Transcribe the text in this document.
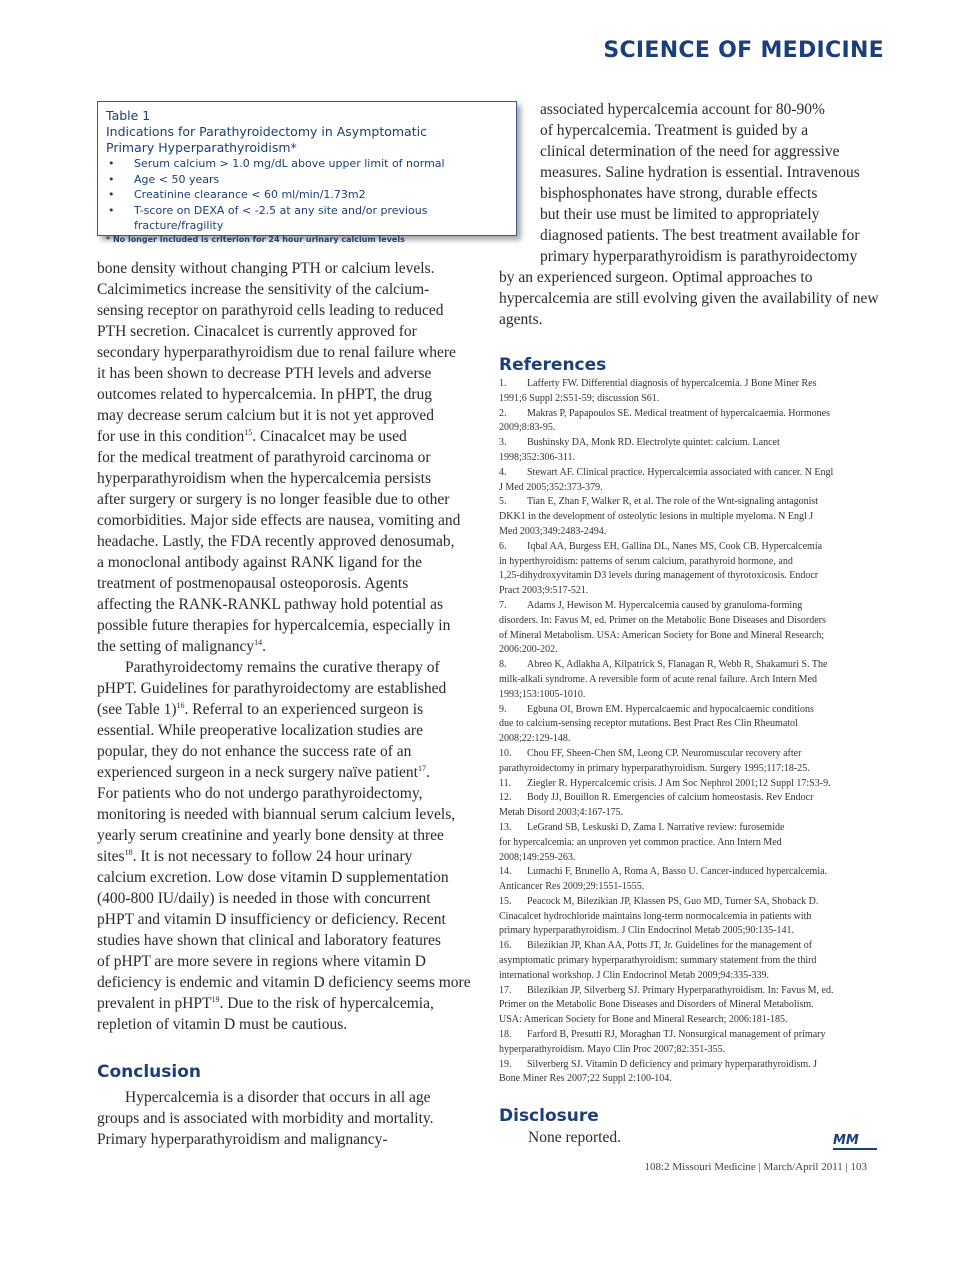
SCIENCE OF MEDICINE
Table 1
Indications for Parathyroidectomy in Asymptomatic
Primary Hyperparathyroidism*
• Serum calcium > 1.0 mg/dL above upper limit of normal
• Age < 50 years
• Creatinine clearance < 60 ml/min/1.73m2
• T-score on DEXA of < -2.5 at any site and/or previous fracture/fragility
* No longer included is criterion for 24 hour urinary calcium levels

bone density without changing PTH or calcium levels.
Calcimimetics increase the sensitivity of the calcium-
sensing receptor on parathyroid cells leading to reduced
PTH secretion. Cinacalcet is currently approved for
secondary hyperparathyroidism due to renal failure where
it has been shown to decrease PTH levels and adverse
outcomes related to hypercalcemia. In pHPT, the drug
may decrease serum calcium but it is not yet approved
for use in this condition$^{15}$. Cinacalcet may be used
for the medical treatment of parathyroid carcinoma or
hyperparathyroidism when the hypercalcemia persists
after surgery or surgery is no longer feasible due to other
comorbidities. Major side effects are nausea, vomiting and
headache. Lastly, the FDA recently approved denosumab,
a monoclonal antibody against RANK ligand for the
treatment of postmenopausal osteoporosis. Agents
affecting the RANK-RANKL pathway hold potential as
possible future therapies for hypercalcemia, especially in
the setting of malignancy$^{14}$.

Parathyroidectomy remains the curative therapy of
pHPT. Guidelines for parathyroidectomy are established
(see Table 1)$^{16}$. Referral to an experienced surgeon is
essential. While preoperative localization studies are
popular, they do not enhance the success rate of an
experienced surgeon in a neck surgery naïve patient$^{17}$.
For patients who do not undergo parathyroidectomy,
monitoring is needed with biannual serum calcium levels,
yearly serum creatinine and yearly bone density at three
sites$^{18}$. It is not necessary to follow 24 hour urinary
calcium excretion. Low dose vitamin D supplementation
(400-800 IU/daily) is needed in those with concurrent
pHPT and vitamin D insufficiency or deficiency. Recent
studies have shown that clinical and laboratory features
of pHPT are more severe in regions where vitamin D
deficiency is endemic and vitamin D deficiency seems more
prevalent in pHPT$^{19}$. Due to the risk of hypercalcemia,
repletion of vitamin D must be cautious.

Conclusion

Hypercalcemia is a disorder that occurs in all age
groups and is associated with morbidity and mortality.
Primary hyperparathyroidism and malignancy-

associated hypercalcemia account for 80-90%
of hypercalcemia. Treatment is guided by a
clinical determination of the need for aggressive
measures. Saline hydration is essential. Intravenous
bisphosphonates have strong, durable effects
but their use must be limited to appropriately
diagnosed patients. The best treatment available for
primary hyperparathyroidism is parathyroidectomy
by an experienced surgeon. Optimal approaches to
hypercalcemia are still evolving given the availability of new
agents.

References
1. Lafferty FW. Differential diagnosis of hypercalcemia. J Bone Miner Res
1991;6 Suppl 2:S51-59; discussion S61.
2. Makras P, Papapoulos SE. Medical treatment of hypercalcaemia. Hormones
2009;8:83-95.
3. Bushinsky DA, Monk RD. Electrolyte quintet: calcium. Lancet
1998;352:306-311.
4. Stewart AF. Clinical practice. Hypercalcemia associated with cancer. N Engl
J Med 2005;352:373-379.
5. Tian E, Zhan F, Walker R, et al. The role of the Wnt-signaling antagonist
DKK1 in the development of osteolytic lesions in multiple myeloma. N Engl J
Med 2003;349:2483-2494.
6. Iqbal AA, Burgess EH, Gallina DL, Nanes MS, Cook CB. Hypercalcemia
in hyperthyroidism: patterns of serum calcium, parathyroid hormone, and
1,25-dihydroxyvitamin D3 levels during management of thyrotoxicosis. Endocr
Pract 2003;9:517-521.
7. Adams J, Hewison M. Hypercalcemia caused by granuloma-forming
disorders. In: Favus M, ed. Primer on the Metabolic Bone Diseases and Disorders
of Mineral Metabolism. USA: American Society for Bone and Mineral Research;
2006:200-202.
8. Abreo K, Adlakha A, Kilpatrick S, Flanagan R, Webb R, Shakamuri S. The
milk-alkali syndrome. A reversible form of acute renal failure. Arch Intern Med
1993;153:1005-1010.
9. Egbuna OI, Brown EM. Hypercalcaemic and hypocalcaemic conditions
due to calcium-sensing receptor mutations. Best Pract Res Clin Rheumatol
2008;22:129-148.
10. Chou FF, Sheen-Chen SM, Leong CP. Neuromuscular recovery after
parathyroidectomy in primary hyperparathyroidism. Surgery 1995;117:18-25.
11. Ziegler R. Hypercalcemic crisis. J Am Soc Nephrol 2001;12 Suppl 17:S3-9.
12. Body JJ, Bouillon R. Emergencies of calcium homeostasis. Rev Endocr
Metab Disord 2003;4:167-175.
13. LeGrand SB, Leskuski D, Zama I. Narrative review: furosemide
for hypercalcemia: an unproven yet common practice. Ann Intern Med
2008;149:259-263.
14. Lumachi F, Brunello A, Roma A, Basso U. Cancer-induced hypercalcemia.
Anticancer Res 2009;29:1551-1555.
15. Peacock M, Bilezikian JP, Klassen PS, Guo MD, Turner SA, Shoback D.
Cinacalcet hydrochloride maintains long-term normocalcemia in patients with
primary hyperparathyroidism. J Clin Endocrinol Metab 2005;90:135-141.
16. Bilezikian JP, Khan AA, Potts JT, Jr. Guidelines for the management of
asymptomatic primary hyperparathyroidism: summary statement from the third
international workshop. J Clin Endocrinol Metab 2009;94:335-339.
17. Bilezikian JP, Silverberg SJ. Primary Hyperparathyroidism. In: Favus M, ed.
Primer on the Metabolic Bone Diseases and Disorders of Mineral Metabolism.
USA: American Society for Bone and Mineral Research; 2006:181-185.
18. Farford B, Presutti RJ, Moraghan TJ. Nonsurgical management of primary
hyperparathyroidism. Mayo Clin Proc 2007;82:351-355.
19. Silverberg SJ. Vitamin D deficiency and primary hyperparathyroidism. J
Bone Miner Res 2007;22 Suppl 2:100-104.
Disclosure
None reported.	MM
108:2 Missouri Medicine | March/April 2011 | 103
